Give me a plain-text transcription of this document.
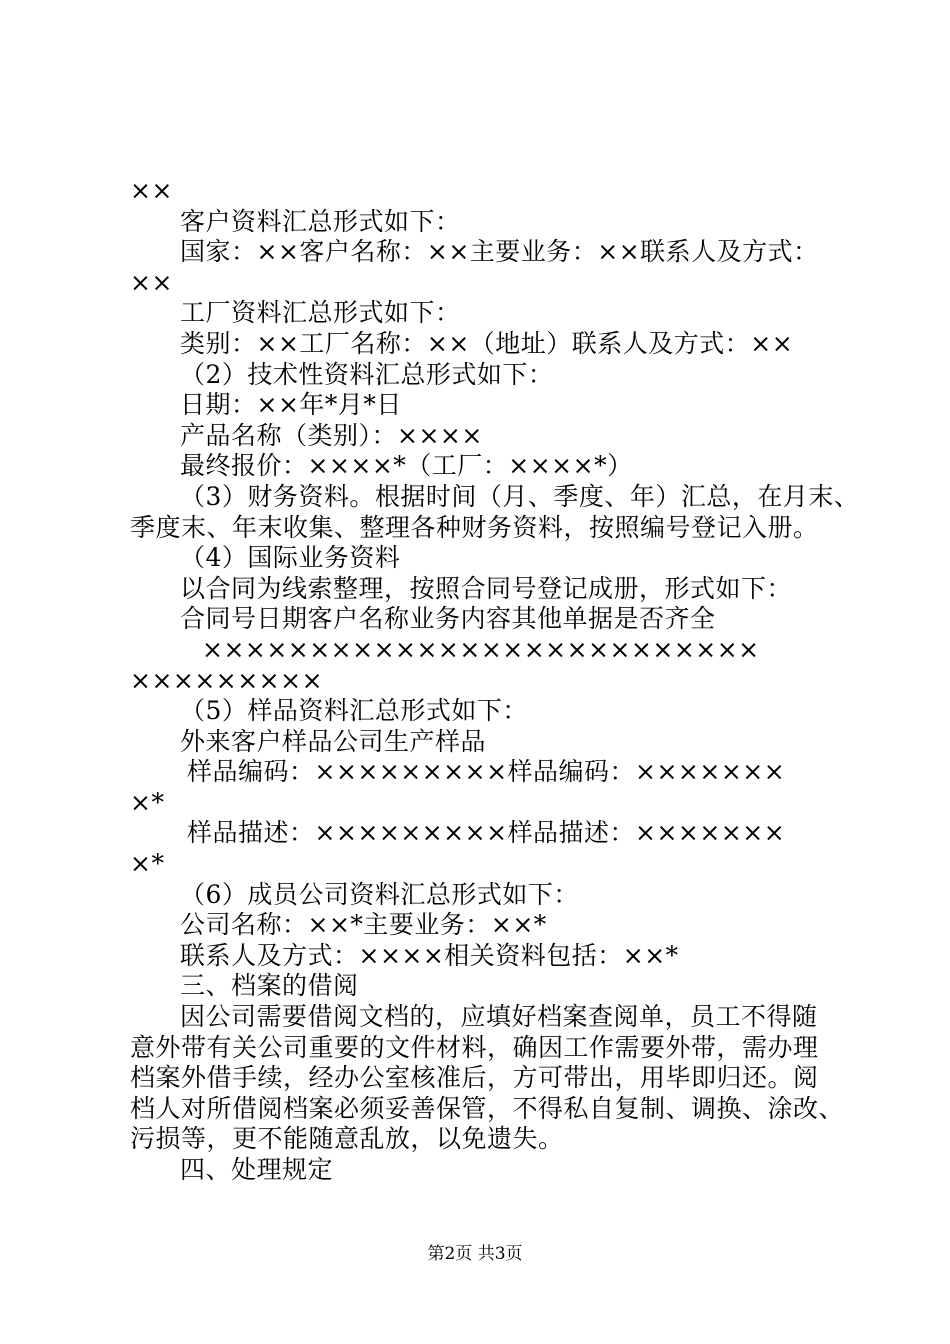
××
客户资料汇总形式如下：
国家：××客户名称：××主要业务：××联系人及方式：
××
工厂资料汇总形式如下：
类别：××工厂名称：××（地址）联系人及方式：××
（2）技术性资料汇总形式如下：
日期：××年*月*日
产品名称（类别）：××××
最终报价：××××*（工厂：××××*）
（3）财务资料。根据时间（月、季度、年）汇总，在月末、
季度末、年末收集、整理各种财务资料，按照编号登记入册。
（4）国际业务资料
以合同为线索整理，按照合同号登记成册，形式如下：
合同号日期客户名称业务内容其他单据是否齐全
××××××××××××××××××××××××××
×××××××××
（5）样品资料汇总形式如下：
外来客户样品公司生产样品
样品编码：×××××××××样品编码：×××××××
×*
样品描述：×××××××××样品描述：×××××××
×*
（6）成员公司资料汇总形式如下：
公司名称：××*主要业务：××*
联系人及方式：××××相关资料包括：××*
三、档案的借阅
因公司需要借阅文档的，应填好档案查阅单，员工不得随
意外带有关公司重要的文件材料，确因工作需要外带，需办理
档案外借手续，经办公室核准后，方可带出，用毕即归还。阅
档人对所借阅档案必须妥善保管，不得私自复制、调换、涂改、
污损等，更不能随意乱放，以免遗失。
四、处理规定
第2页 共3页
